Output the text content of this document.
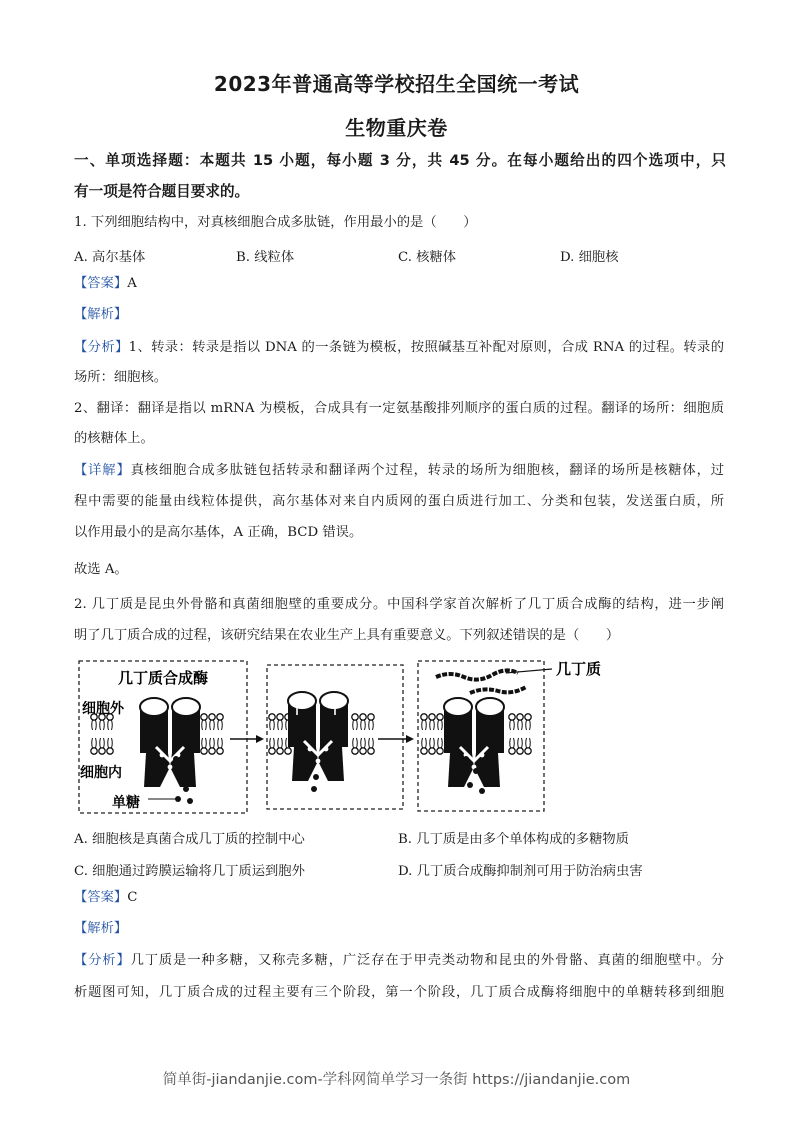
2023年普通高等学校招生全国统一考试
生物重庆卷
一、单项选择题：本题共 15 小题，每小题 3 分，共 45 分。在每小题给出的四个选项中，只
有一项是符合题目要求的。
1. 下列细胞结构中，对真核细胞合成多肽链，作用最小的是（　　）
A. 高尔基体	B. 线粒体	C. 核糖体	D. 细胞核
【答案】A
【解析】
【分析】1、转录：转录是指以 DNA 的一条链为模板，按照碱基互补配对原则，合成 RNA 的过程。转录的
场所：细胞核。
2、翻译：翻译是指以 mRNA 为模板，合成具有一定氨基酸排列顺序的蛋白质的过程。翻译的场所：细胞质
的核糖体上。
【详解】真核细胞合成多肽链包括转录和翻译两个过程，转录的场所为细胞核，翻译的场所是核糖体，过
程中需要的能量由线粒体提供，高尔基体对来自内质网的蛋白质进行加工、分类和包装，发送蛋白质，所
以作用最小的是高尔基体，A 正确，BCD 错误。
故选 A。
2. 几丁质是昆虫外骨骼和真菌细胞壁的重要成分。中国科学家首次解析了几丁质合成酶的结构，进一步阐
明了几丁质合成的过程，该研究结果在农业生产上具有重要意义。下列叙述错误的是（　　）
几丁质合成酶
细胞外
细胞内
单糖
几丁质
A. 细胞核是真菌合成几丁质的控制中心	B. 几丁质是由多个单体构成的多糖物质
C. 细胞通过跨膜运输将几丁质运到胞外	D. 几丁质合成酶抑制剂可用于防治病虫害
【答案】C
【解析】
【分析】几丁质是一种多糖，又称壳多糖，广泛存在于甲壳类动物和昆虫的外骨骼、真菌的细胞壁中。分
析题图可知，几丁质合成的过程主要有三个阶段，第一个阶段，几丁质合成酶将细胞中的单糖转移到细胞
简单街-jiandanjie.com-学科网简单学习一条街 https://jiandanjie.com
